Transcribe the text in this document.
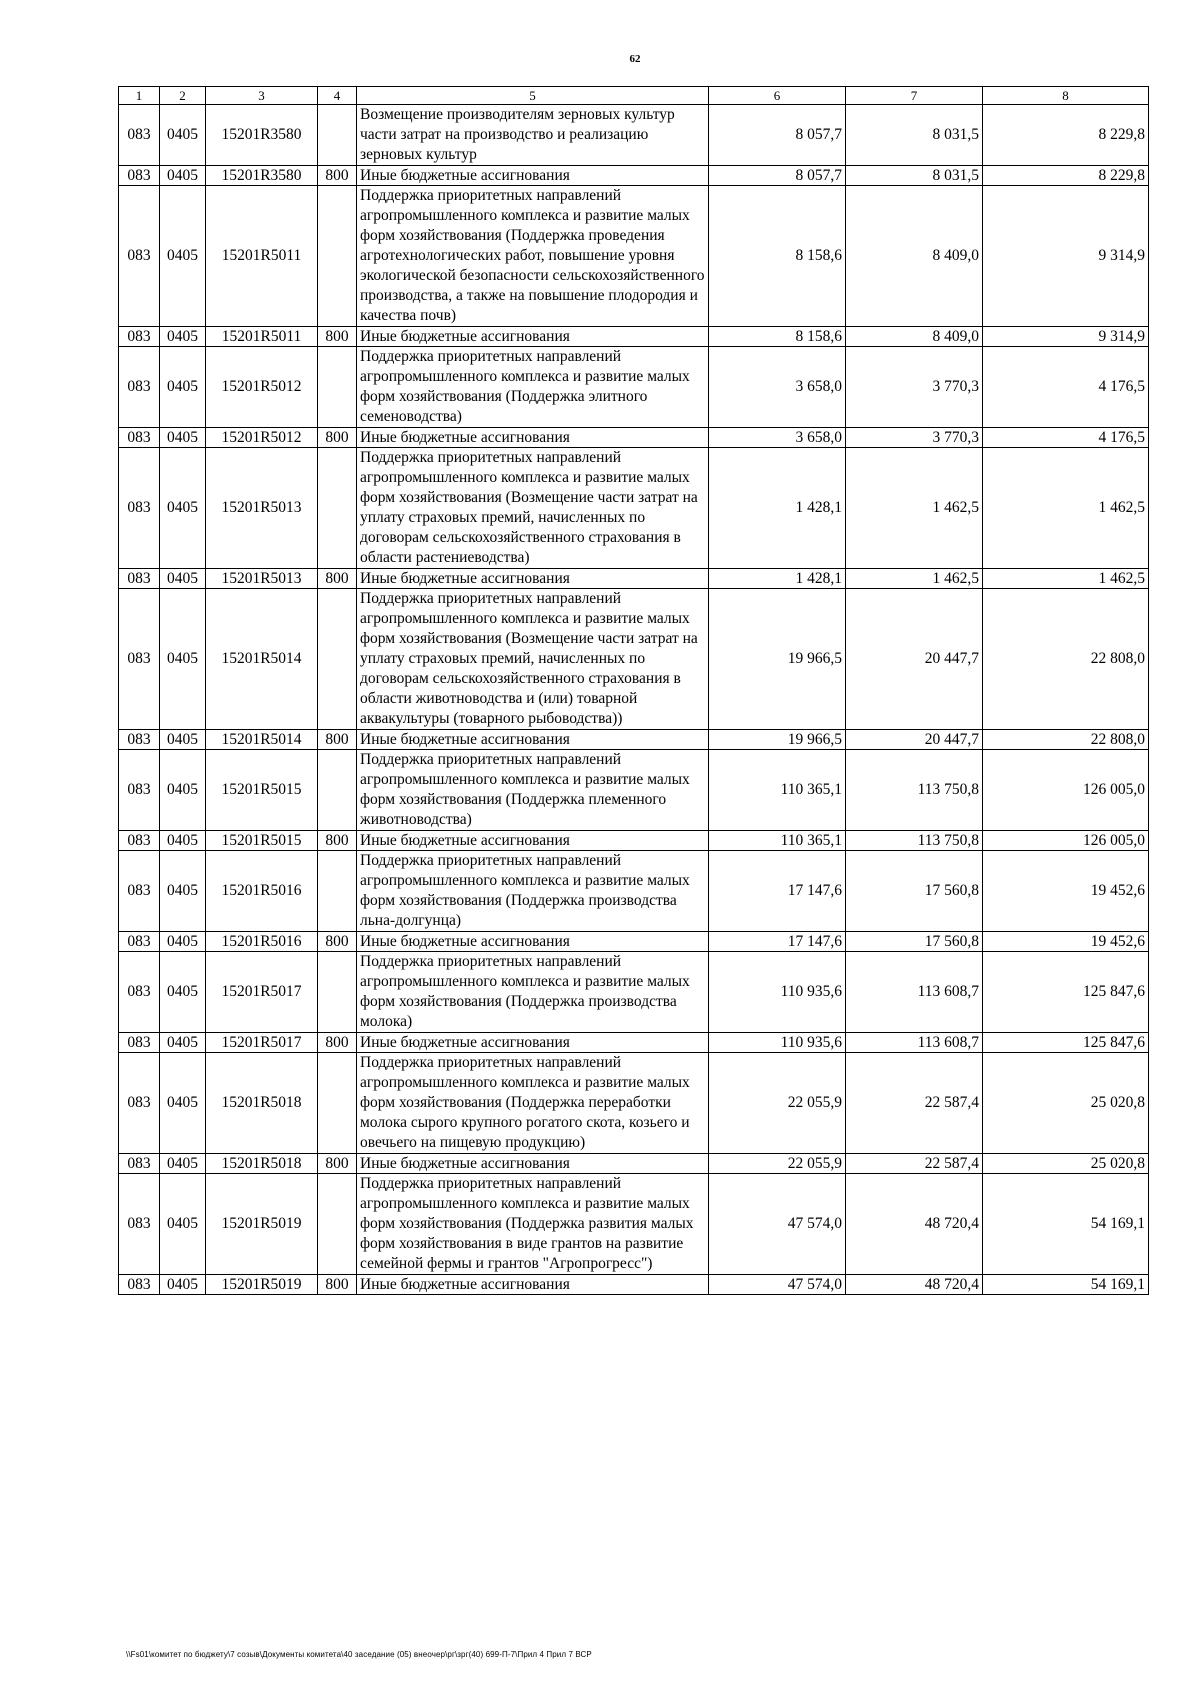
62
1	2	3	4	5	6	7	8
083	0405	15201R3580		Возмещение производителям зерновых культур части затрат на производство и реализацию зерновых культур	8 057,7	8 031,5	8 229,8
083	0405	15201R3580	800	Иные бюджетные ассигнования	8 057,7	8 031,5	8 229,8
083	0405	15201R5011		Поддержка приоритетных направлений агропромышленного комплекса и развитие малых форм хозяйствования (Поддержка проведения агротехнологических работ, повышение уровня экологической безопасности сельскохозяйственного производства, а также на повышение плодородия и качества почв)	8 158,6	8 409,0	9 314,9
083	0405	15201R5011	800	Иные бюджетные ассигнования	8 158,6	8 409,0	9 314,9
083	0405	15201R5012		Поддержка приоритетных направлений агропромышленного комплекса и развитие малых форм хозяйствования (Поддержка элитного семеноводства)	3 658,0	3 770,3	4 176,5
083	0405	15201R5012	800	Иные бюджетные ассигнования	3 658,0	3 770,3	4 176,5
083	0405	15201R5013		Поддержка приоритетных направлений агропромышленного комплекса и развитие малых форм хозяйствования (Возмещение части затрат на уплату страховых премий, начисленных по договорам сельскохозяйственного страхования в области растениеводства)	1 428,1	1 462,5	1 462,5
083	0405	15201R5013	800	Иные бюджетные ассигнования	1 428,1	1 462,5	1 462,5
083	0405	15201R5014		Поддержка приоритетных направлений агропромышленного комплекса и развитие малых форм хозяйствования (Возмещение части затрат на уплату страховых премий, начисленных по договорам сельскохозяйственного страхования в области животноводства и (или) товарной аквакультуры (товарного рыбоводства))	19 966,5	20 447,7	22 808,0
083	0405	15201R5014	800	Иные бюджетные ассигнования	19 966,5	20 447,7	22 808,0
083	0405	15201R5015		Поддержка приоритетных направлений агропромышленного комплекса и развитие малых форм хозяйствования (Поддержка племенного животноводства)	110 365,1	113 750,8	126 005,0
083	0405	15201R5015	800	Иные бюджетные ассигнования	110 365,1	113 750,8	126 005,0
083	0405	15201R5016		Поддержка приоритетных направлений агропромышленного комплекса и развитие малых форм хозяйствования (Поддержка производства льна-долгунца)	17 147,6	17 560,8	19 452,6
083	0405	15201R5016	800	Иные бюджетные ассигнования	17 147,6	17 560,8	19 452,6
083	0405	15201R5017		Поддержка приоритетных направлений агропромышленного комплекса и развитие малых форм хозяйствования (Поддержка производства молока)	110 935,6	113 608,7	125 847,6
083	0405	15201R5017	800	Иные бюджетные ассигнования	110 935,6	113 608,7	125 847,6
083	0405	15201R5018		Поддержка приоритетных направлений агропромышленного комплекса и развитие малых форм хозяйствования (Поддержка переработки молока сырого крупного рогатого скота, козьего и овечьего на пищевую продукцию)	22 055,9	22 587,4	25 020,8
083	0405	15201R5018	800	Иные бюджетные ассигнования	22 055,9	22 587,4	25 020,8
083	0405	15201R5019		Поддержка приоритетных направлений агропромышленного комплекса и развитие малых форм хозяйствования (Поддержка развития малых форм хозяйствования в виде грантов на развитие семейной фермы и грантов "Агропрогресс")	47 574,0	48 720,4	54 169,1
083	0405	15201R5019	800	Иные бюджетные ассигнования	47 574,0	48 720,4	54 169,1
\\Fs01\комитет по бюджету\7 созыв\Документы комитета\40 заседание (05) внеочер\рг\зрг(40) 699-П-7\Прил 4 Прил 7 ВСР
